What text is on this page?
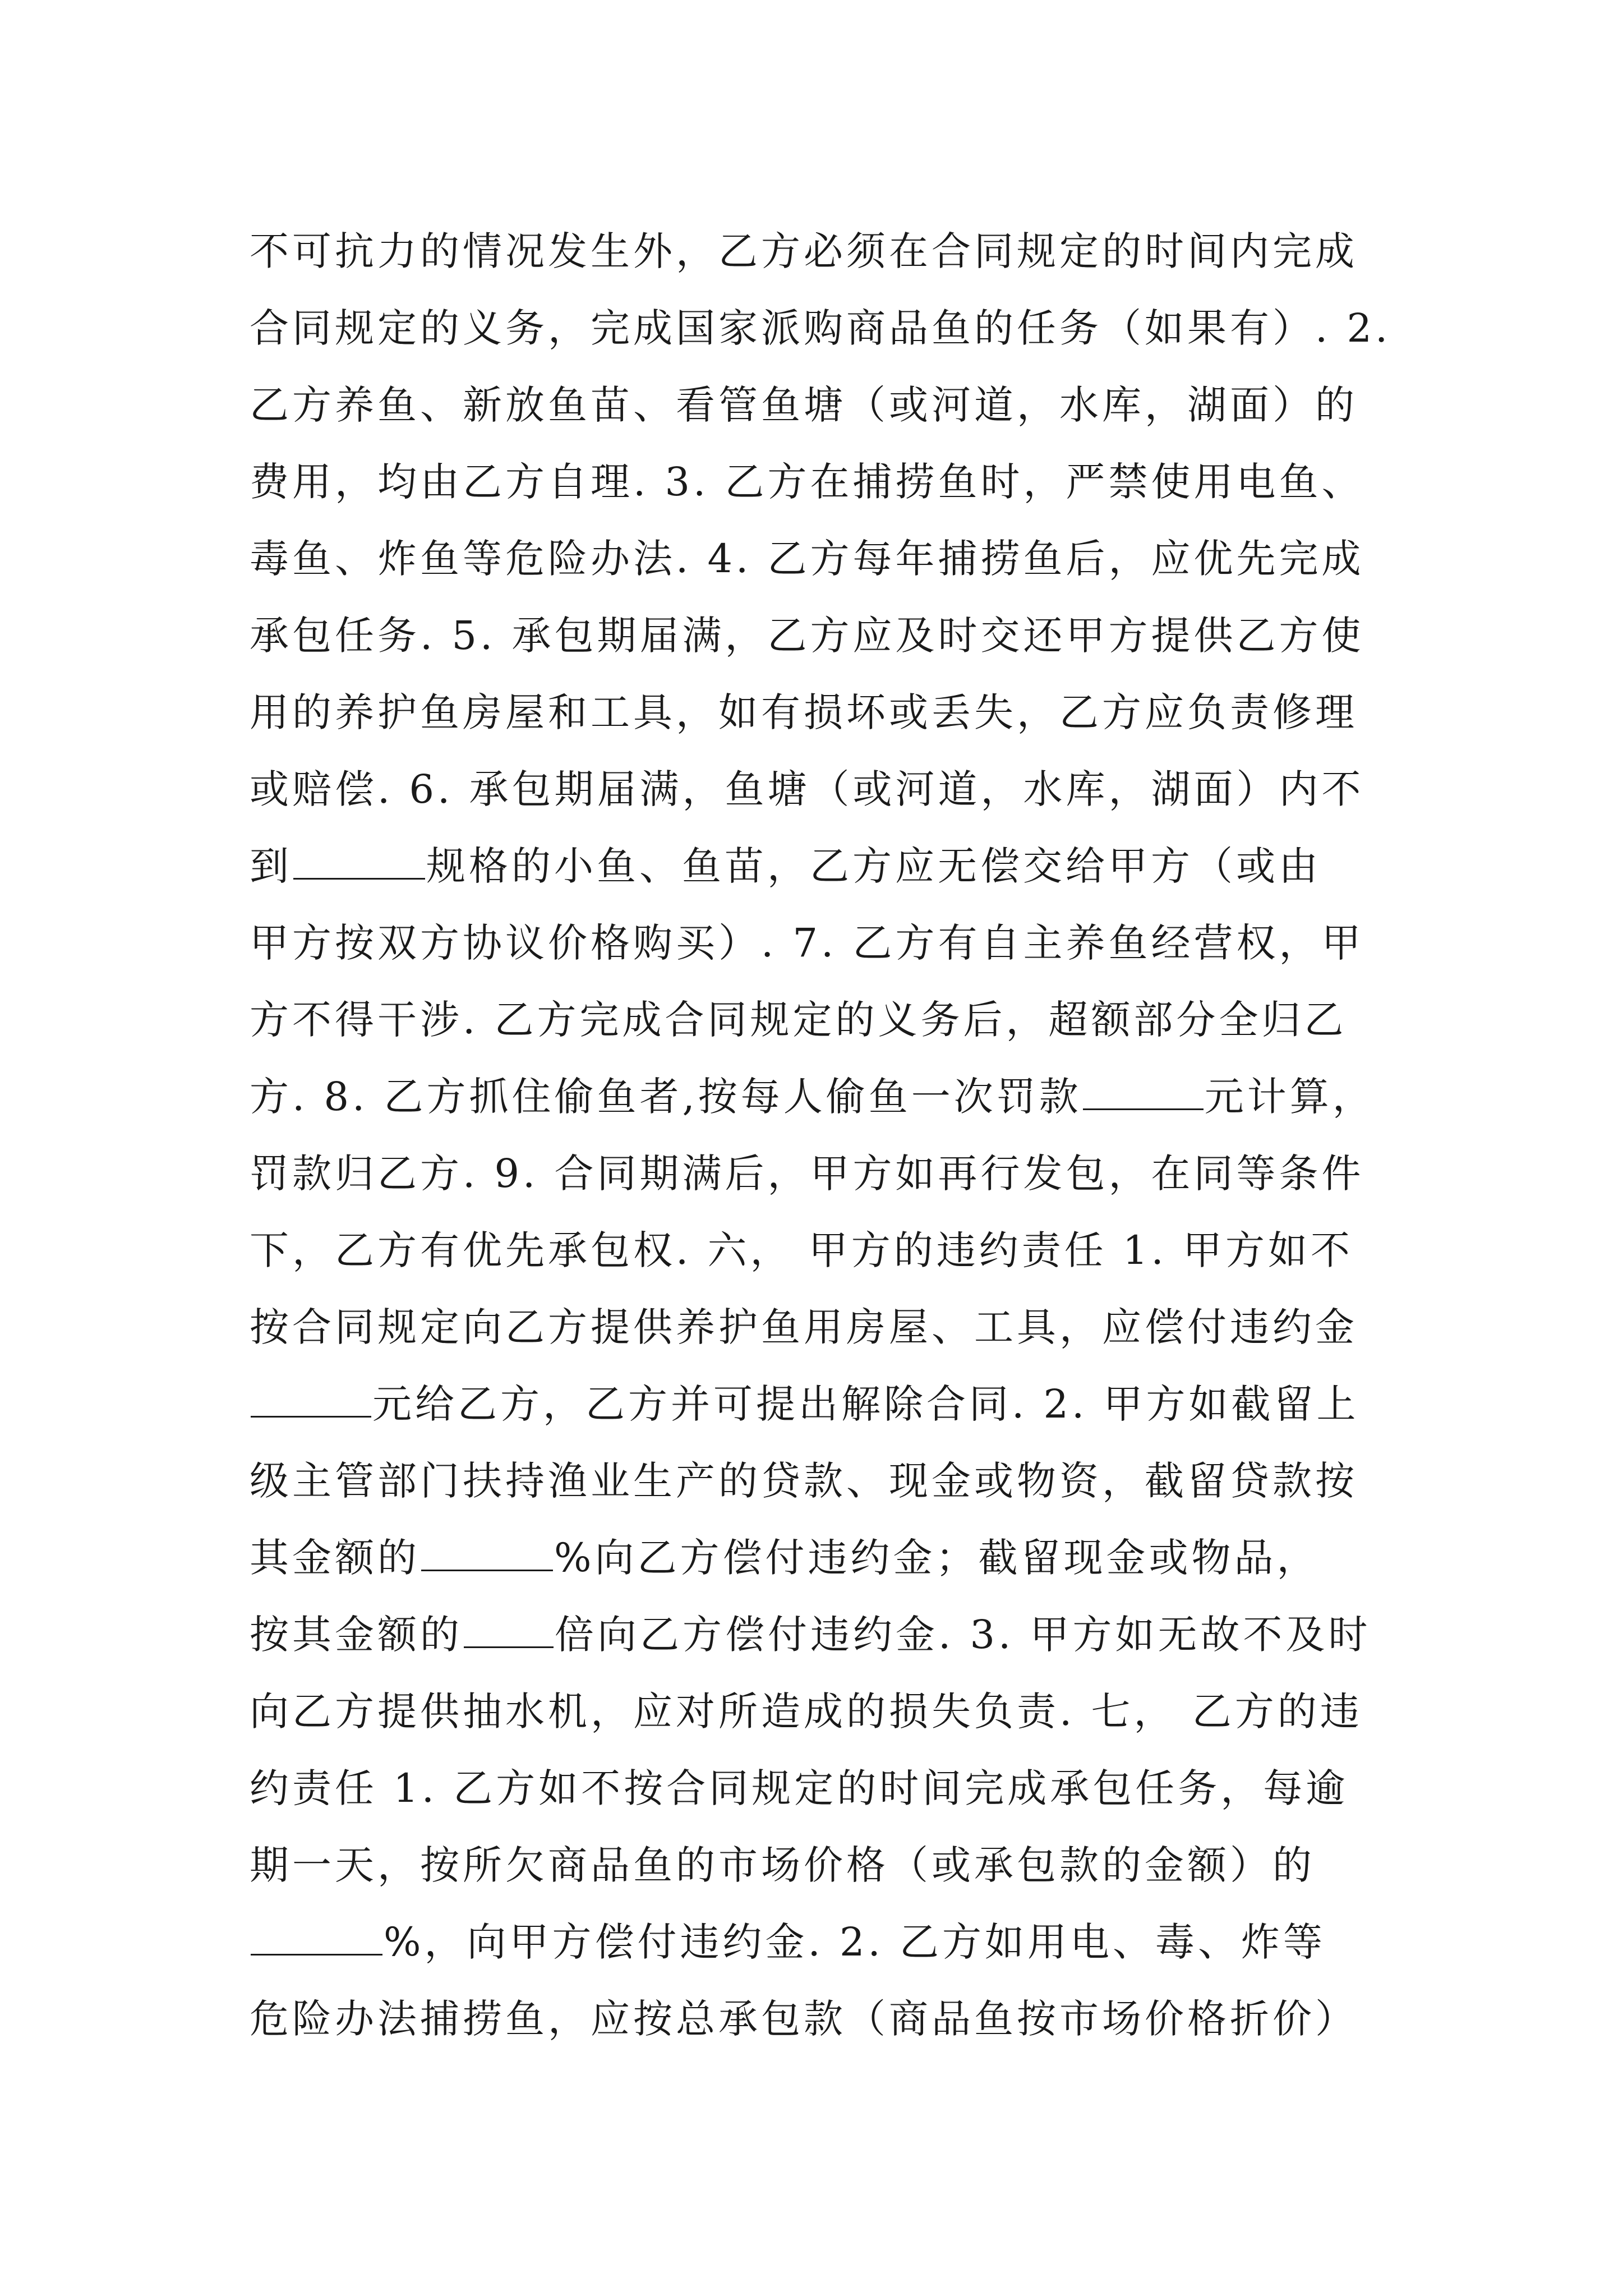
不可抗力的情况发生外，乙方必须在合同规定的时间内完成
合同规定的义务，完成国家派购商品鱼的任务（如果有）. 2.
乙方养鱼、新放鱼苗、看管鱼塘（或河道，水库，湖面）的
费用，均由乙方自理. 3. 乙方在捕捞鱼时，严禁使用电鱼、
毒鱼、炸鱼等危险办法. 4. 乙方每年捕捞鱼后，应优先完成
承包任务. 5. 承包期届满，乙方应及时交还甲方提供乙方使
用的养护鱼房屋和工具，如有损坏或丢失，乙方应负责修理
或赔偿. 6. 承包期届满，鱼塘（或河道，水库，湖面）内不
到	规格的小鱼、鱼苗，乙方应无偿交给甲方（或由
甲方按双方协议价格购买）. 7. 乙方有自主养鱼经营权，甲
方不得干涉. 乙方完成合同规定的义务后，超额部分全归乙
方. 8. 乙方抓住偷鱼者,按每人偷鱼一次罚款	元计算，
罚款归乙方. 9. 合同期满后，甲方如再行发包，在同等条件
下，乙方有优先承包权. 六， 甲方的违约责任 1. 甲方如不
按合同规定向乙方提供养护鱼用房屋、工具，应偿付违约金
元给乙方，乙方并可提出解除合同. 2. 甲方如截留上
级主管部门扶持渔业生产的贷款、现金或物资，截留贷款按
其金额的	%向乙方偿付违约金；截留现金或物品，
按其金额的 倍向乙方偿付违约金. 3. 甲方如无故不及时
向乙方提供抽水机，应对所造成的损失负责. 七， 乙方的违
约责任 1. 乙方如不按合同规定的时间完成承包任务，每逾
期一天，按所欠商品鱼的市场价格（或承包款的金额）的
%，向甲方偿付违约金. 2. 乙方如用电、毒、炸等
危险办法捕捞鱼，应按总承包款（商品鱼按市场价格折价）
